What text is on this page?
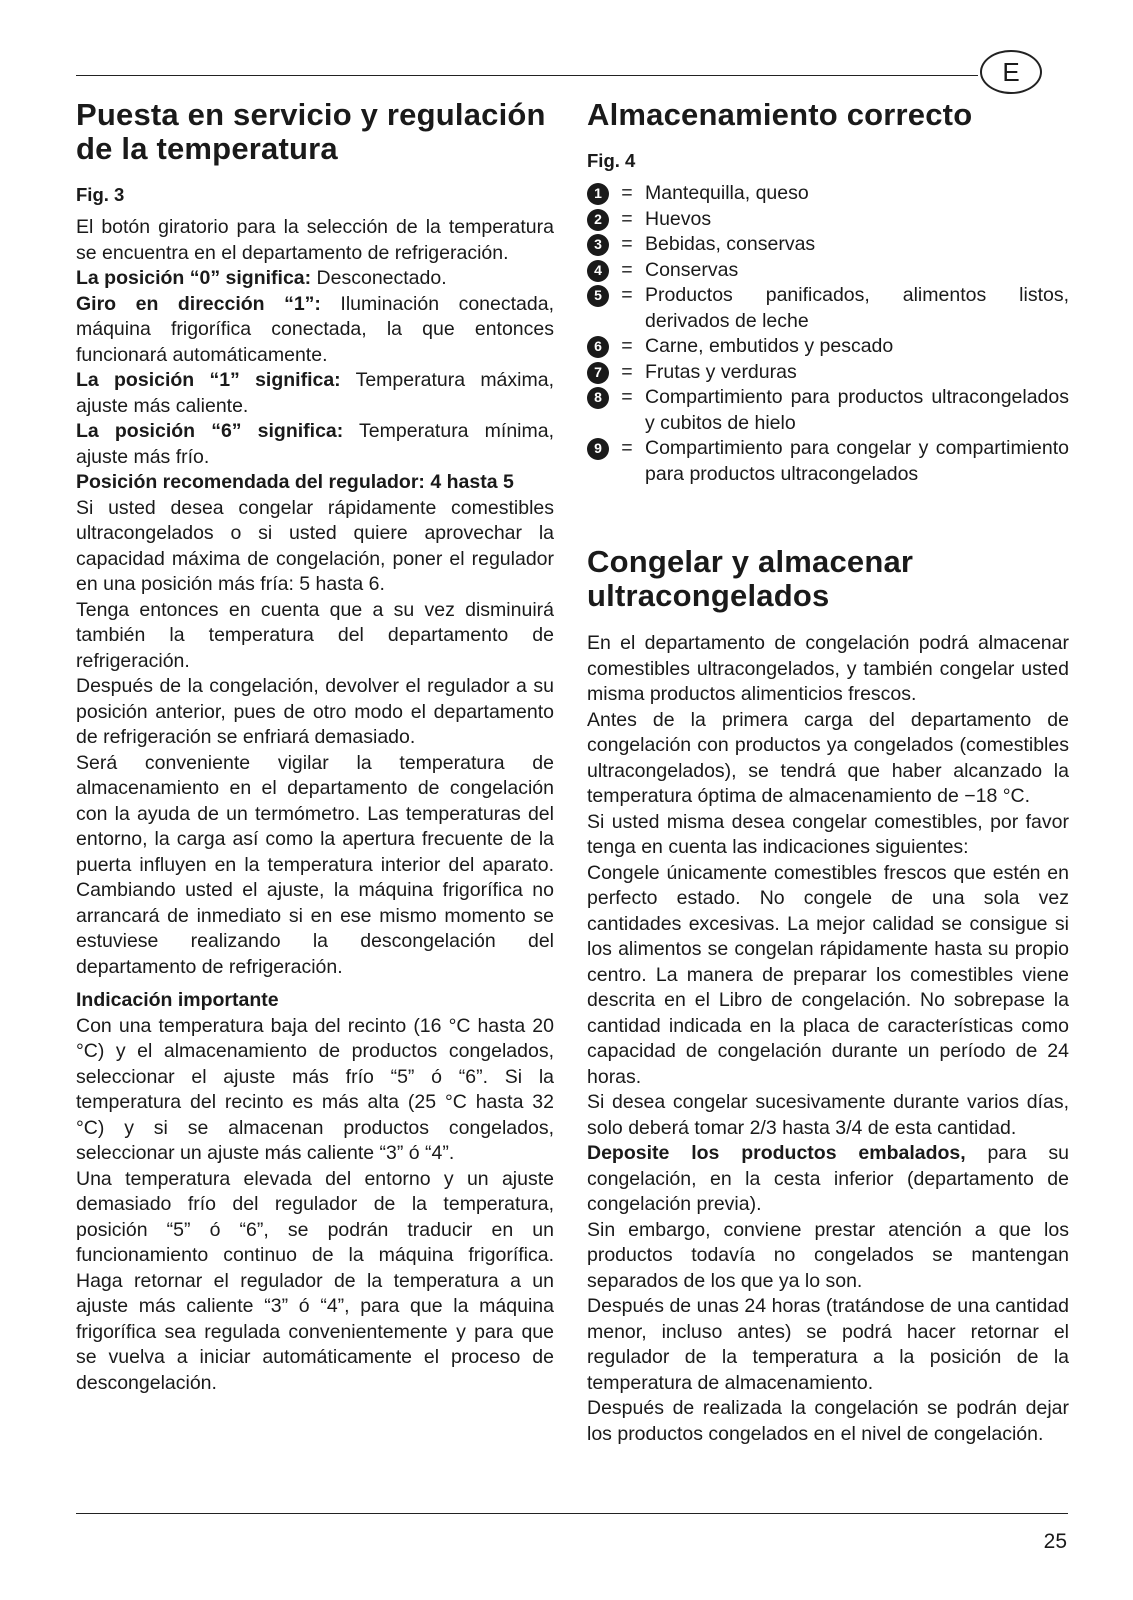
E
Puesta en servicio y regulación de la temperatura
Fig. 3

El botón giratorio para la selección de la temperatura se encuentra en el departamento de refrigeración.

La posición “0” significa: Desconectado.

Giro en dirección “1”: Iluminación conectada, máquina frigorífica conectada, la que entonces funcionará automáticamente.

La posición “1” significa: Temperatura máxima, ajuste más caliente.

La posición “6” significa: Temperatura mínima, ajuste más frío.

Posición recomendada del regulador: 4 hasta 5

Si usted desea congelar rápidamente comestibles ultracongelados o si usted quiere aprovechar la capacidad máxima de congelación, poner el regulador en una posición más fría: 5 hasta 6.

Tenga entonces en cuenta que a su vez disminuirá también la temperatura del departamento de refrigeración.

Después de la congelación, devolver el regulador a su posición anterior, pues de otro modo el departamento de refrigeración se enfriará demasiado.

Será conveniente vigilar la temperatura de almacenamiento en el departamento de congelación con la ayuda de un termómetro. Las temperaturas del entorno, la carga así como la apertura frecuente de la puerta influyen en la temperatura interior del aparato. Cambiando usted el ajuste, la máquina frigorífica no arrancará de inmediato si en ese mismo momento se estuviese realizando la descongelación del departamento de refrigeración.

Indicación importante

Con una temperatura baja del recinto (16 °C hasta 20 °C) y el almacenamiento de productos congelados, seleccionar el ajuste más frío “5” ó “6”. Si la temperatura del recinto es más alta (25 °C hasta 32 °C) y si se almacenan productos congelados, seleccionar un ajuste más caliente “3” ó “4”.

Una temperatura elevada del entorno y un ajuste demasiado frío del regulador de la temperatura, posición “5” ó “6”, se podrán traducir en un funcionamiento continuo de la máquina frigorífica. Haga retornar el regulador de la temperatura a un ajuste más caliente “3” ó “4”, para que la máquina frigorífica sea regulada convenientemente y para que se vuelva a iniciar automáticamente el proceso de descongelación.

Almacenamiento correcto
Fig. 4
1 = Mantequilla, queso
2 = Huevos
3 = Bebidas, conservas
4 = Conservas
5 = Productos panificados, alimentos listos, derivados de leche
6 = Carne, embutidos y pescado
7 = Frutas y verduras
8 = Compartimiento para productos ultracongelados y cubitos de hielo
9 = Compartimiento para congelar y compartimiento para productos ultracongelados
Congelar y almacenar ultracongelados

En el departamento de congelación podrá almacenar comestibles ultracongelados, y también congelar usted misma productos alimenticios frescos.

Antes de la primera carga del departamento de congelación con productos ya congelados (comestibles ultracongelados), se tendrá que haber alcanzado la temperatura óptima de almacenamiento de −18 °C.

Si usted misma desea congelar comestibles, por favor tenga en cuenta las indicaciones siguientes:

Congele únicamente comestibles frescos que estén en perfecto estado. No congele de una sola vez cantidades excesivas. La mejor calidad se consigue si los alimentos se congelan rápidamente hasta su propio centro. La manera de preparar los comestibles viene descrita en el Libro de congelación. No sobrepase la cantidad indicada en la placa de características como capacidad de congelación durante un período de 24 horas.

Si desea congelar sucesivamente durante varios días, solo deberá tomar 2/3 hasta 3/4 de esta cantidad.

Deposite los productos embalados, para su congelación, en la cesta inferior (departamento de congelación previa).

Sin embargo, conviene prestar atención a que los productos todavía no congelados se mantengan separados de los que ya lo son.

Después de unas 24 horas (tratándose de una cantidad menor, incluso antes) se podrá hacer retornar el regulador de la temperatura a la posición de la temperatura de almacenamiento.

Después de realizada la congelación se podrán dejar los productos congelados en el nivel de congelación.

25
